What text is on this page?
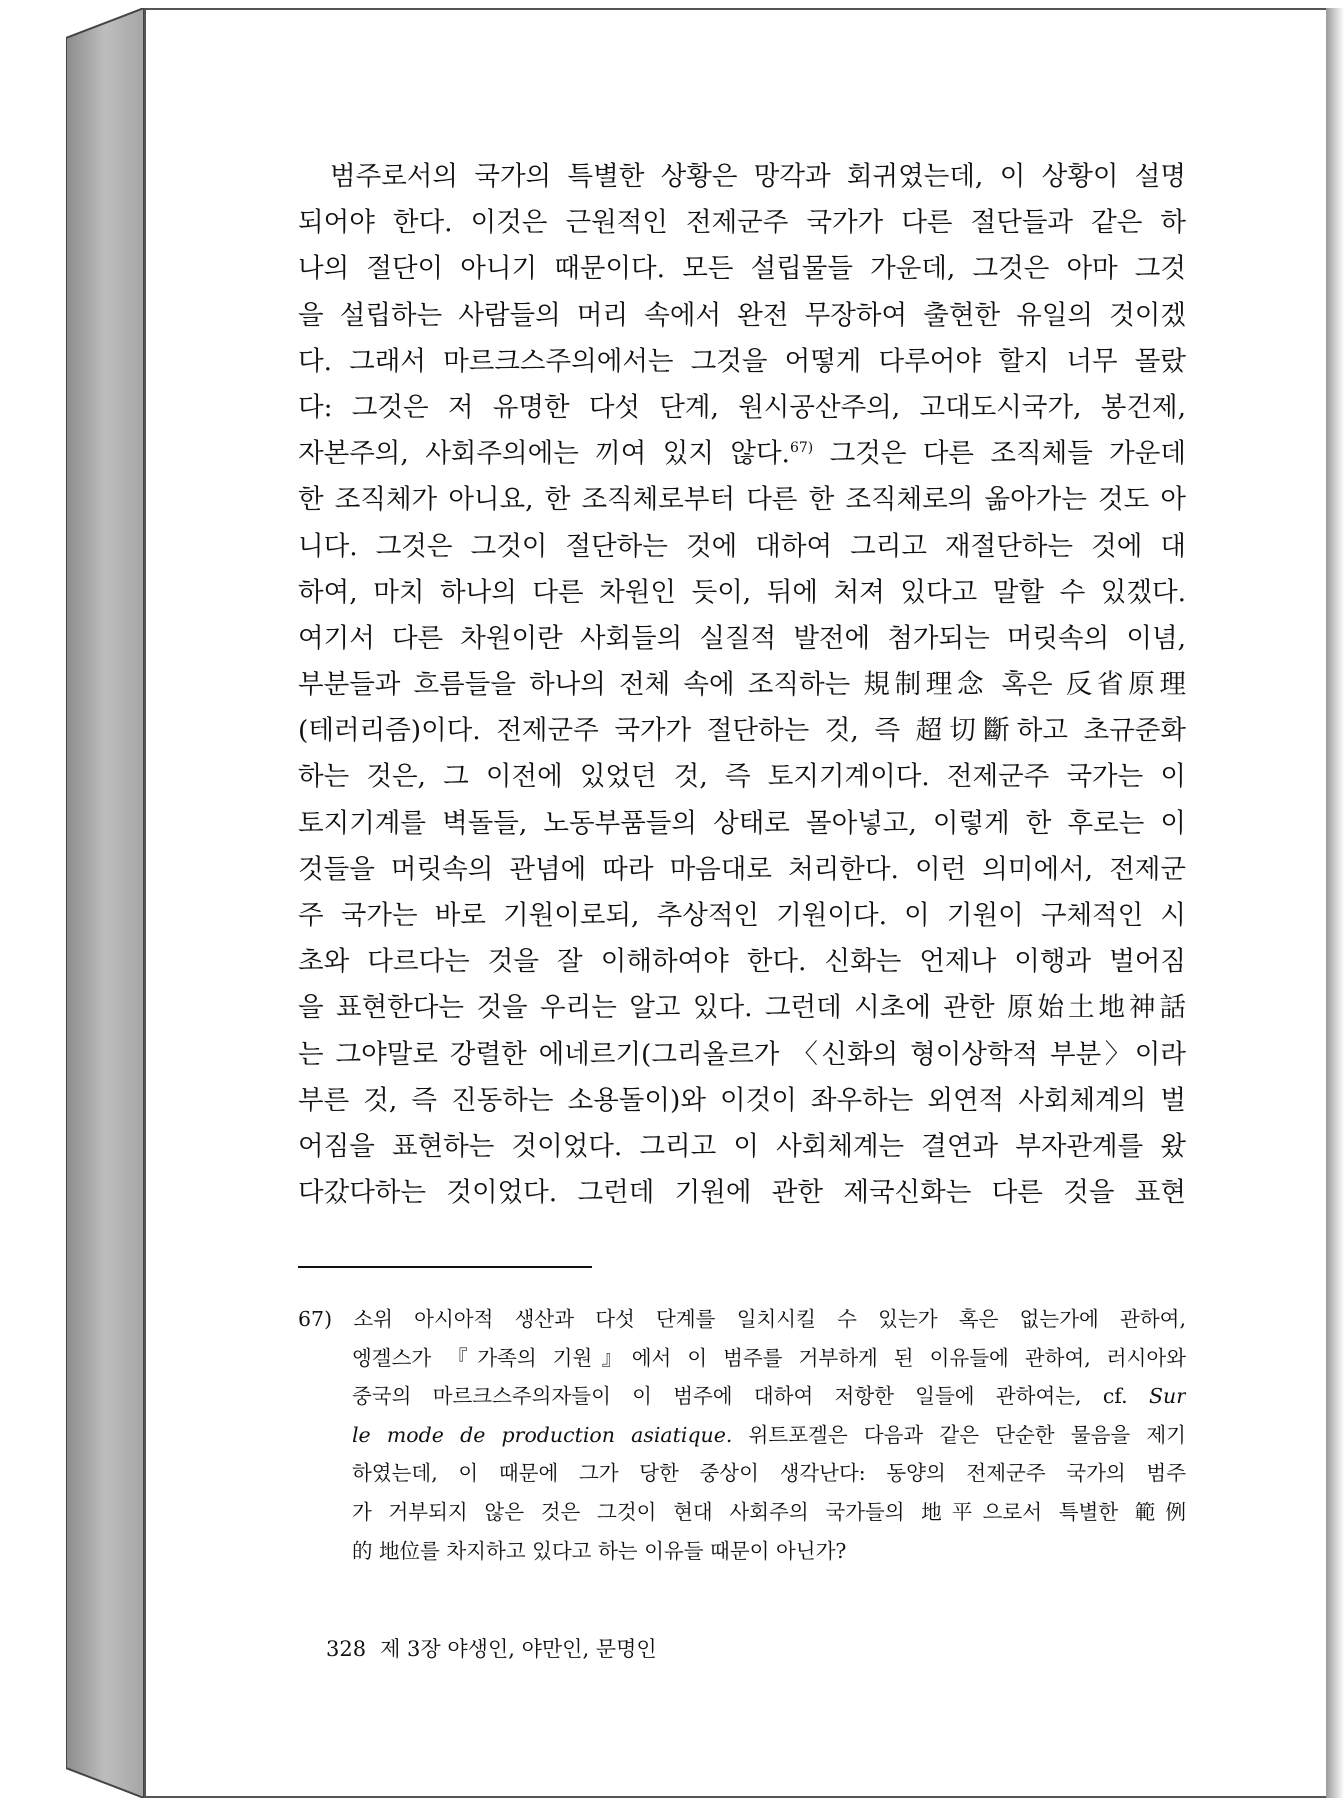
범주로서의 국가의 특별한 상황은 망각과 회귀였는데, 이 상황이 설명
되어야 한다. 이것은 근원적인 전제군주 국가가 다른 절단들과 같은 하
나의 절단이 아니기 때문이다. 모든 설립물들 가운데, 그것은 아마 그것
을 설립하는 사람들의 머리 속에서 완전 무장하여 출현한 유일의 것이겠
다. 그래서 마르크스주의에서는 그것을 어떻게 다루어야 할지 너무 몰랐
다: 그것은 저 유명한 다섯 단계, 원시공산주의, 고대도시국가, 봉건제,
자본주의, 사회주의에는 끼여 있지 않다.$^{67)}$ 그것은 다른 조직체들 가운데
한 조직체가 아니요, 한 조직체로부터 다른 한 조직체로의 옮아가는 것도 아
니다. 그것은 그것이 절단하는 것에 대하여 그리고 재절단하는 것에 대
하여, 마치 하나의 다른 차원인 듯이, 뒤에 처져 있다고 말할 수 있겠다.
여기서 다른 차원이란 사회들의 실질적 발전에 첨가되는 머릿속의 이념,
부분들과 흐름들을 하나의 전체 속에 조직하는 規制理念 혹은 反省原理
(테러리즘)이다. 전제군주 국가가 절단하는 것, 즉 超切斷하고 초규준화
하는 것은, 그 이전에 있었던 것, 즉 토지기계이다. 전제군주 국가는 이
토지기계를 벽돌들, 노동부품들의 상태로 몰아넣고, 이렇게 한 후로는 이
것들을 머릿속의 관념에 따라 마음대로 처리한다. 이런 의미에서, 전제군
주 국가는 바로 기원이로되, 추상적인 기원이다. 이 기원이 구체적인 시
초와 다르다는 것을 잘 이해하여야 한다. 신화는 언제나 이행과 벌어짐
을 표현한다는 것을 우리는 알고 있다. 그런데 시초에 관한 原始土地神話
는 그야말로 강렬한 에네르기(그리올르가 〈신화의 형이상학적 부분〉이라
부른 것, 즉 진동하는 소용돌이)와 이것이 좌우하는 외연적 사회체계의 벌
어짐을 표현하는 것이었다. 그리고 이 사회체계는 결연과 부자관계를 왔
다갔다하는 것이었다. 그런데 기원에 관한 제국신화는 다른 것을 표현
67) 소위 아시아적 생산과 다섯 단계를 일치시킬 수 있는가 혹은 없는가에 관하여,
엥겔스가 『가족의 기원』에서 이 범주를 거부하게 된 이유들에 관하여, 러시아와
중국의 마르크스주의자들이 이 범주에 대하여 저항한 일들에 관하여는, cf. Sur
le mode de production asiatique. 위트포겔은 다음과 같은 단순한 물음을 제기
하였는데, 이 때문에 그가 당한 중상이 생각난다: 동양의 전제군주 국가의 범주
가 거부되지 않은 것은 그것이 현대 사회주의 국가들의 地平으로서 특별한 範例
的 地位를 차지하고 있다고 하는 이유들 때문이 아닌가?
328 제 3장 야생인, 야만인, 문명인
